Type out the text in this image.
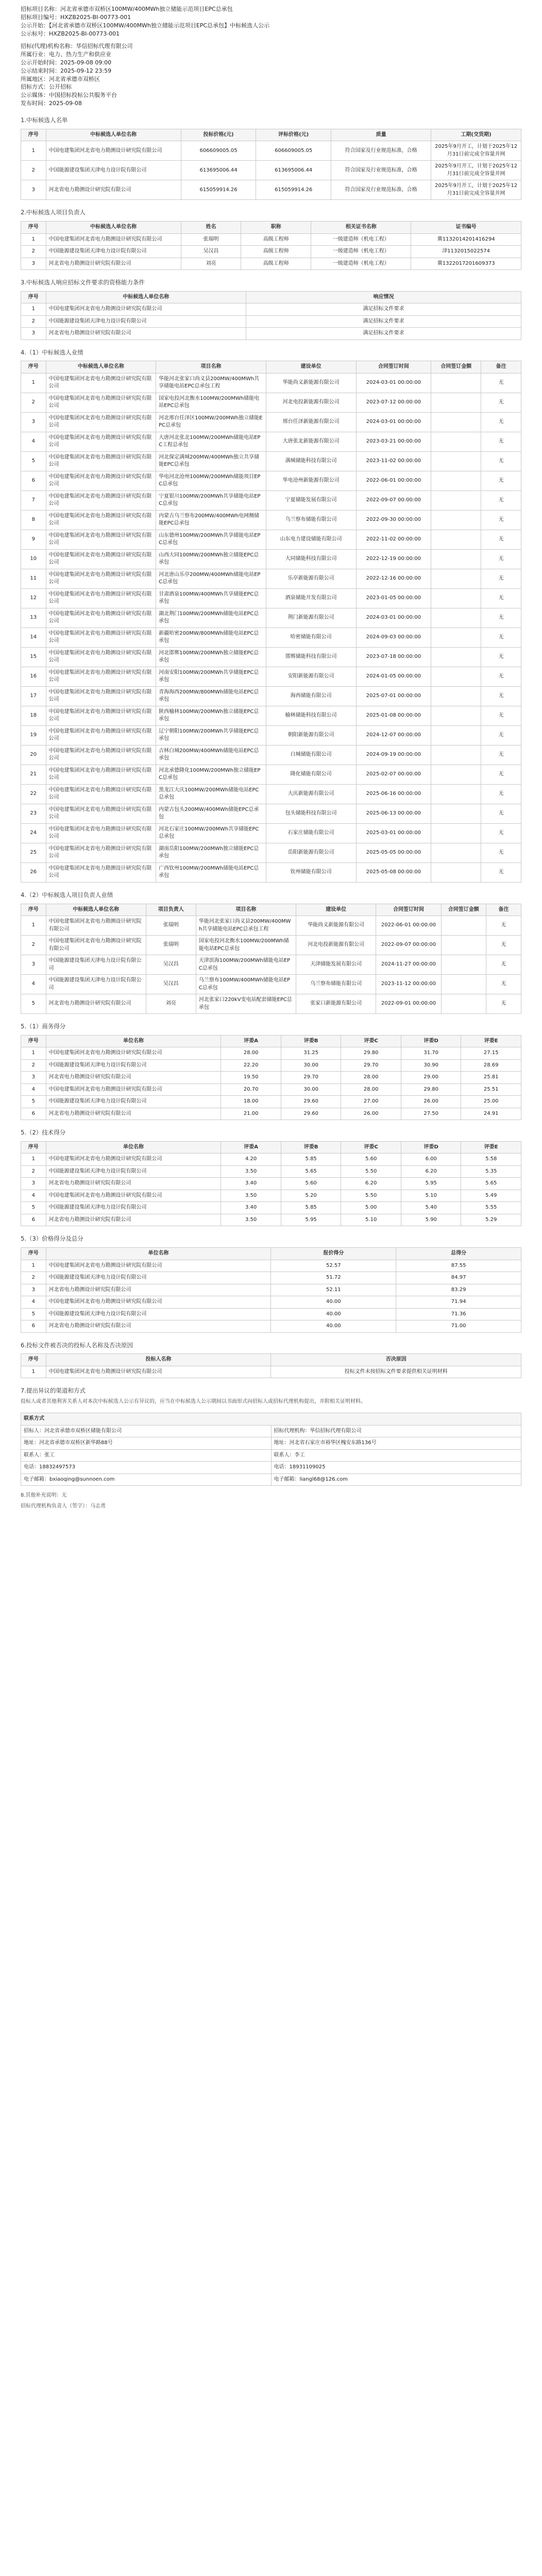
招标项目名称：河北省承德市双桥区100MW/400MWh独立储能示范项目EPC总承包

招标项目编号：HXZB2025-BI-00773-001

公示开始：【河北省承德市双桥区100MW/400MWh独立储能示范项目EPC总承包】中标候选人公示

公示标号：HXZB2025-BI-00773-001

招标(代理)机构名称：华信招标代理有限公司

所属行业：电力、热力生产和供应业

公示开始时间：2025-09-08 09:00

公示结束时间：2025-09-12 23:59

所属地区：河北省承德市双桥区

招标方式：公开招标

公示媒体：中国招标投标公共服务平台

发布时间：2025-09-08

1.中标候选人名单
序号	中标候选人单位名称	投标价格(元)	评标价格(元)	质量	工期(交货期)
1	中国电建集团河北省电力勘测设计研究院有限公司	606609005.05	606609005.05	符合国家及行业规范标准，合格	2025年9月开工，计划于2025年12月31日前完成全容量并网
2	中国能源建设集团天津电力设计院有限公司	613695006.44	613695006.44	符合国家及行业规范标准，合格	2025年9月开工，计划于2025年12月31日前完成全容量并网
3	河北省电力勘测设计研究院有限公司	615059914.26	615059914.26	符合国家及行业规范标准，合格	2025年9月开工，计划于2025年12月31日前完成全容量并网
2.中标候选人项目负责人
序号	中标候选人单位名称	姓名	职称	相关证书名称	证书编号
1	中国电建集团河北省电力勘测设计研究院有限公司	张瑞明	高级工程师	一级建造师（机电工程）	冀1132014201416294
2	中国能源建设集团天津电力设计院有限公司	吴汉昌	高级工程师	一级建造师（机电工程）	津1132015022574
3	河北省电力勘测设计研究院有限公司	刘亮	高级工程师	一级建造师（机电工程）	冀1322017201609373
3.中标候选人响应招标文件要求的资格能力条件
序号	中标候选人单位名称	响应情况
1	中国电建集团河北省电力勘测设计研究院有限公司	满足招标文件要求
2	中国能源建设集团天津电力设计院有限公司	满足招标文件要求
3	河北省电力勘测设计研究院有限公司	满足招标文件要求
4.（1）中标候选人业绩
序号	中标候选人单位名称	项目名称	建设单位	合同签订时间	合同签订金额	备注
1	中国电建集团河北省电力勘测设计研究院有限公司	华能河北张家口尚义县200MW/400MWh共享储能电站EPC总承包工程	华能尚义新能源有限公司	2024-03-01 00:00:00		无
2	中国电建集团河北省电力勘测设计研究院有限公司	国家电投河北衡水100MW/200MWh储能电站EPC总承包	河北电投新能源有限公司	2023-07-12 00:00:00		无
3	中国电建集团河北省电力勘测设计研究院有限公司	河北邢台任泽区100MW/200MWh独立储能EPC总承包	邢台任泽新能源有限公司	2024-03-01 00:00:00		无
4	中国电建集团河北省电力勘测设计研究院有限公司	大唐河北张北100MW/200MWh储能电站EPC工程总承包	大唐张北新能源有限公司	2023-03-21 00:00:00		无
5	中国电建集团河北省电力勘测设计研究院有限公司	河北保定满城200MW/400MWh独立共享储能EPC总承包	满城储能科技有限公司	2023-11-02 00:00:00		无
6	中国电建集团河北省电力勘测设计研究院有限公司	华电河北沧州100MW/200MWh储能项目EPC总承包	华电沧州新能源有限公司	2022-06-01 00:00:00		无
7	中国电建集团河北省电力勘测设计研究院有限公司	宁夏银川100MW/200MWh共享储能电站EPC总承包	宁夏储能发展有限公司	2022-09-07 00:00:00		无
8	中国电建集团河北省电力勘测设计研究院有限公司	内蒙古乌兰察布200MW/400MWh电网侧储能EPC总承包	乌兰察布储能有限公司	2022-09-30 00:00:00		无
9	中国电建集团河北省电力勘测设计研究院有限公司	山东德州100MW/200MWh共享储能电站EPC总承包	山东电力建设储能有限公司	2022-11-02 00:00:00		无
10	中国电建集团河北省电力勘测设计研究院有限公司	山西大同100MW/200MWh独立储能EPC总承包	大同储能科技有限公司	2022-12-19 00:00:00		无
11	中国电建集团河北省电力勘测设计研究院有限公司	河北唐山乐亭200MW/400MWh储能电站EPC总承包	乐亭新能源有限公司	2022-12-16 00:00:00		无
12	中国电建集团河北省电力勘测设计研究院有限公司	甘肃酒泉100MW/400MWh共享储能EPC总承包	酒泉储能开发有限公司	2023-01-05 00:00:00		无
13	中国电建集团河北省电力勘测设计研究院有限公司	湖北荆门100MW/200MWh储能电站EPC总承包	荆门新能源有限公司	2024-03-01 00:00:00		无
14	中国电建集团河北省电力勘测设计研究院有限公司	新疆哈密200MW/800MWh储能电站EPC总承包	哈密储能有限公司	2024-09-03 00:00:00		无
15	中国电建集团河北省电力勘测设计研究院有限公司	河北邯郸100MW/200MWh独立储能EPC总承包	邯郸储能科技有限公司	2023-07-18 00:00:00		无
16	中国电建集团河北省电力勘测设计研究院有限公司	河南安阳100MW/200MWh共享储能EPC总承包	安阳新能源有限公司	2024-01-05 00:00:00		无
17	中国电建集团河北省电力勘测设计研究院有限公司	青海海西200MW/800MWh储能电站EPC总承包	海西储能有限公司	2025-07-01 00:00:00		无
18	中国电建集团河北省电力勘测设计研究院有限公司	陕西榆林100MW/200MWh独立储能EPC总承包	榆林储能科技有限公司	2025-01-08 00:00:00		无
19	中国电建集团河北省电力勘测设计研究院有限公司	辽宁朝阳100MW/200MWh共享储能EPC总承包	朝阳新能源有限公司	2024-12-07 00:00:00		无
20	中国电建集团河北省电力勘测设计研究院有限公司	吉林白城200MW/400MWh储能电站EPC总承包	白城储能有限公司	2024-09-19 00:00:00		无
21	中国电建集团河北省电力勘测设计研究院有限公司	河北承德隆化100MW/200MWh独立储能EPC总承包	隆化储能有限公司	2025-02-07 00:00:00		无
22	中国电建集团河北省电力勘测设计研究院有限公司	黑龙江大庆100MW/200MWh储能电站EPC总承包	大庆新能源有限公司	2025-06-16 00:00:00		无
23	中国电建集团河北省电力勘测设计研究院有限公司	内蒙古包头200MW/400MWh储能EPC总承包	包头储能科技有限公司	2025-06-13 00:00:00		无
24	中国电建集团河北省电力勘测设计研究院有限公司	河北石家庄100MW/200MWh共享储能EPC总承包	石家庄储能有限公司	2025-03-01 00:00:00		无
25	中国电建集团河北省电力勘测设计研究院有限公司	湖南岳阳100MW/200MWh独立储能EPC总承包	岳阳新能源有限公司	2025-05-05 00:00:00		无
26	中国电建集团河北省电力勘测设计研究院有限公司	广西钦州100MW/200MWh储能电站EPC总承包	钦州储能有限公司	2025-05-08 00:00:00		无
4.（2）中标候选人项目负责人业绩
序号	中标候选人单位名称	项目负责人	项目名称	建设单位	合同签订时间	合同签订金额	备注
1	中国电建集团河北省电力勘测设计研究院有限公司	张瑞明	华能河北张家口尚义县200MW/400MWh共享储能电站EPC总承包工程	华能尚义新能源有限公司	2022-06-01 00:00:00		无
2	中国电建集团河北省电力勘测设计研究院有限公司	张瑞明	国家电投河北衡水100MW/200MWh储能电站EPC总承包	河北电投新能源有限公司	2022-09-07 00:00:00		无
3	中国能源建设集团天津电力设计院有限公司	吴汉昌	天津滨海100MW/200MWh储能电站EPC总承包	天津储能发展有限公司	2024-11-27 00:00:00		无
4	中国能源建设集团天津电力设计院有限公司	吴汉昌	乌兰察布100MW/400MWh储能电站EPC总承包	乌兰察布储能有限公司	2023-11-12 00:00:00		无
5	河北省电力勘测设计研究院有限公司	刘亮	河北张家口220kV变电站配套储能EPC总承包	张家口新能源有限公司	2022-09-01 00:00:00		无
5.（1）商务得分
序号	单位名称	评委A	评委B	评委C	评委D	评委E
1	中国电建集团河北省电力勘测设计研究院有限公司	28.00	31.25	29.80	31.70	27.15
2	中国能源建设集团天津电力设计院有限公司	22.20	30.00	29.70	30.90	28.69
3	河北省电力勘测设计研究院有限公司	19.50	29.70	28.00	29.00	25.81
4	中国电建集团河北省电力勘测设计研究院有限公司	20.70	30.00	28.00	29.80	25.51
5	中国能源建设集团天津电力设计院有限公司	18.00	29.60	27.00	26.00	25.00
6	河北省电力勘测设计研究院有限公司	21.00	29.60	26.00	27.50	24.91
5.（2）技术得分
序号	单位名称	评委A	评委B	评委C	评委D	评委E
1	中国电建集团河北省电力勘测设计研究院有限公司	4.20	5.85	5.60	6.00	5.58
2	中国能源建设集团天津电力设计院有限公司	3.50	5.65	5.50	6.20	5.35
3	河北省电力勘测设计研究院有限公司	3.40	5.60	6.20	5.95	5.65
4	中国电建集团河北省电力勘测设计研究院有限公司	3.50	5.20	5.50	5.10	5.49
5	中国能源建设集团天津电力设计院有限公司	3.40	5.85	5.00	5.40	5.55
6	河北省电力勘测设计研究院有限公司	3.50	5.95	5.10	5.90	5.29
5.（3）价格得分及总分
序号	单位名称	报价得分	总得分
1	中国电建集团河北省电力勘测设计研究院有限公司	52.57	87.55
2	中国能源建设集团天津电力设计院有限公司	51.72	84.97
3	河北省电力勘测设计研究院有限公司	52.11	83.29
4	中国电建集团河北省电力勘测设计研究院有限公司	40.00	71.94
5	中国能源建设集团天津电力设计院有限公司	40.00	71.36
6	河北省电力勘测设计研究院有限公司	40.00	71.00
6.投标文件被否决的投标人名称及否决原因
序号	投标人名称	否决原因
1	中国电建集团河北省电力勘测设计研究院有限公司	投标文件未按招标文件要求提供相关证明材料
7.提出异议的渠道和方式

投标人或者其他利害关系人对本次中标候选人公示有异议的，应当在中标候选人公示期间以书面形式向招标人或招标代理机构提出，并附相关证明材料。

联系方式	
招标人：河北省承德市双桥区储能有限公司	招标代理机构：华信招标代理有限公司
地址：河北省承德市双桥区新华路88号	地址：河北省石家庄市裕华区槐安东路136号
联系人：张工	联系人：李工
电话：18832497573	电话：18931109025
电子邮箱：bxiaoqing@sunnoen.com	电子邮箱：liangl68@126.com

8.其他补充说明：无

招标代理机构负责人（签字）：马志勇
